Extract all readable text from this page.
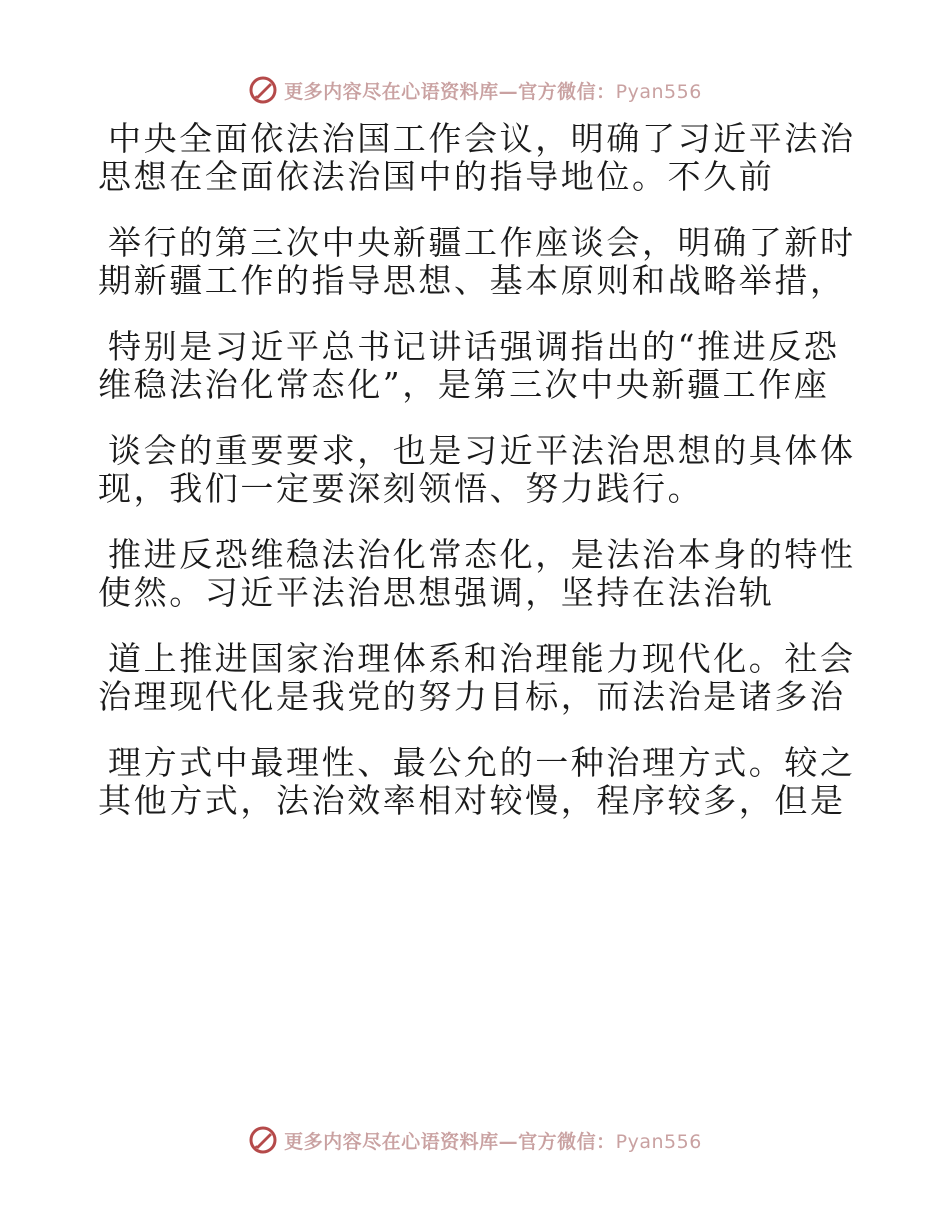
更多内容尽在心语资料库—官方微信：Pyan556
中央全面依法治国工作会议，明确了习近平法治
思想在全面依法治国中的指导地位。不久前
举行的第三次中央新疆工作座谈会，明确了新时
期新疆工作的指导思想、基本原则和战略举措，
特别是习近平总书记讲话强调指出的“推进反恐
维稳法治化常态化”，是第三次中央新疆工作座
谈会的重要要求，也是习近平法治思想的具体体
现，我们一定要深刻领悟、努力践行。
推进反恐维稳法治化常态化，是法治本身的特性
使然。习近平法治思想强调，坚持在法治轨
道上推进国家治理体系和治理能力现代化。社会
治理现代化是我党的努力目标，而法治是诸多治
理方式中最理性、最公允的一种治理方式。较之
其他方式，法治效率相对较慢，程序较多，但是
更多内容尽在心语资料库—官方微信：Pyan556
